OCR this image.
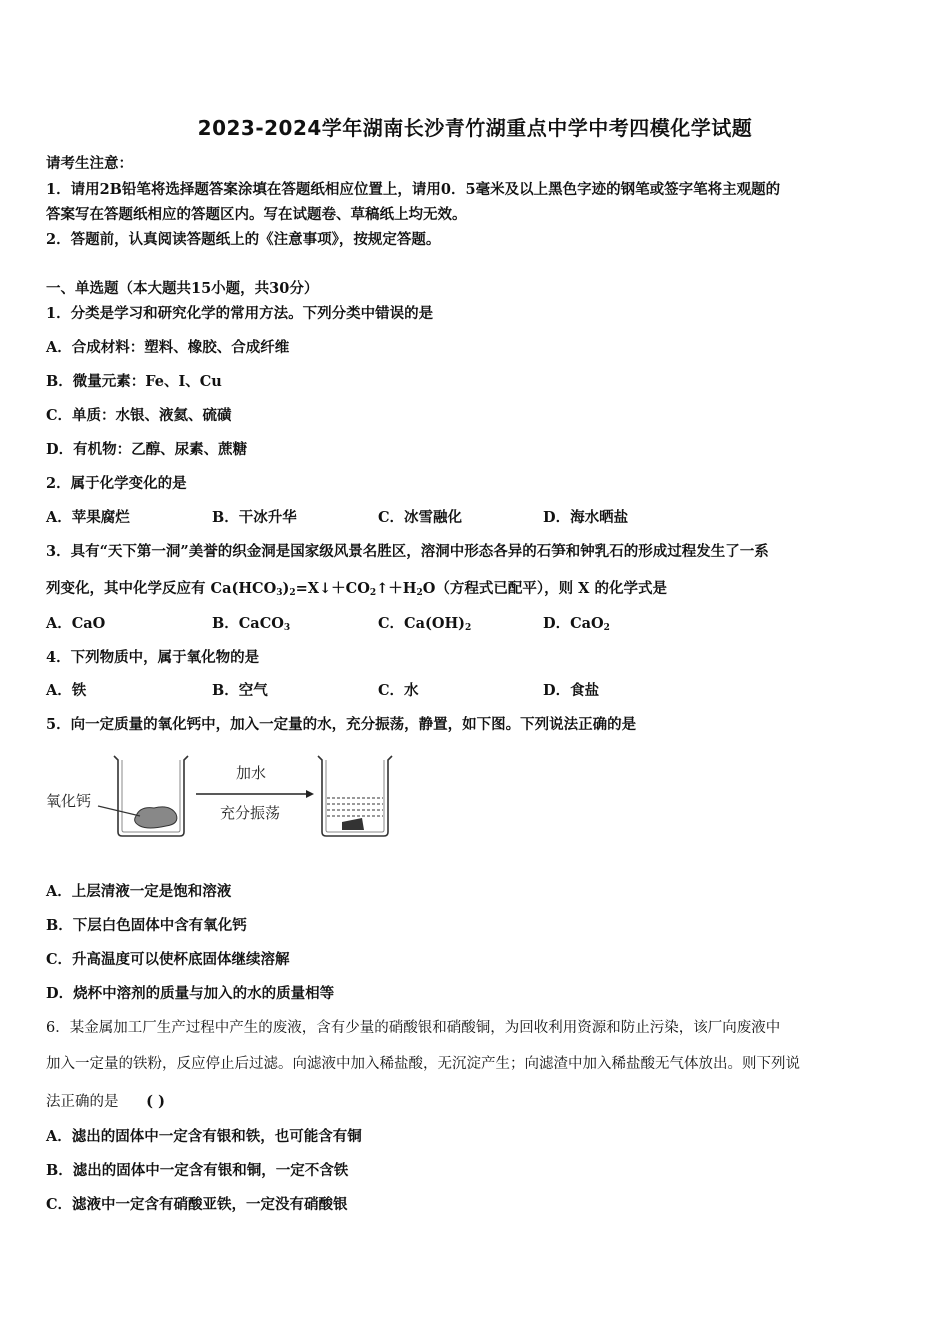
2023-2024学年湖南长沙青竹湖重点中学中考四模化学试题
请考生注意：
1．请用2B铅笔将选择题答案涂填在答题纸相应位置上，请用0．5毫米及以上黑色字迹的钢笔或签字笔将主观题的
答案写在答题纸相应的答题区内。写在试题卷、草稿纸上均无效。
2．答题前，认真阅读答题纸上的《注意事项》，按规定答题。
一、单选题（本大题共15小题，共30分）
1．分类是学习和研究化学的常用方法。下列分类中错误的是
A．合成材料：塑料、橡胶、合成纤维
B．微量元素：Fe、I、Cu
C．单质：水银、液氦、硫磺
D．有机物：乙醇、尿素、蔗糖
2．属于化学变化的是
A．苹果腐烂	B．干冰升华	C．冰雪融化	D．海水晒盐
3．具有“天下第一洞”美誉的织金洞是国家级风景名胜区，溶洞中形态各异的石笋和钟乳石的形成过程发生了一系
列变化，其中化学反应有 $Ca(HCO_3)_2=X↓+CO_2↑+H_2O$（方程式已配平），则 X 的化学式是
A．CaO	B．CaCO$_3$	C．$Ca(OH)_2$	D．CaO$_2$
4．下列物质中，属于氧化物的是
A．铁	B．空气	C．水	D．食盐
5．向一定质量的氧化钙中，加入一定量的水，充分振荡，静置，如下图。下列说法正确的是
氧化钙
加水
充分振荡
A．上层清液一定是饱和溶液
B．下层白色固体中含有氧化钙
C．升高温度可以使杯底固体继续溶解
D．烧杯中溶剂的质量与加入的水的质量相等
6．某金属加工厂生产过程中产生的废液，含有少量的硝酸银和硝酸铜，为回收利用资源和防止污染，该厂向废液中
加入一定量的铁粉，反应停止后过滤。向滤液中加入稀盐酸，无沉淀产生；向滤渣中加入稀盐酸无气体放出。则下列说
法正确的是 ( )
A．滤出的固体中一定含有银和铁，也可能含有铜
B．滤出的固体中一定含有银和铜，一定不含铁
C．滤液中一定含有硝酸亚铁，一定没有硝酸银
